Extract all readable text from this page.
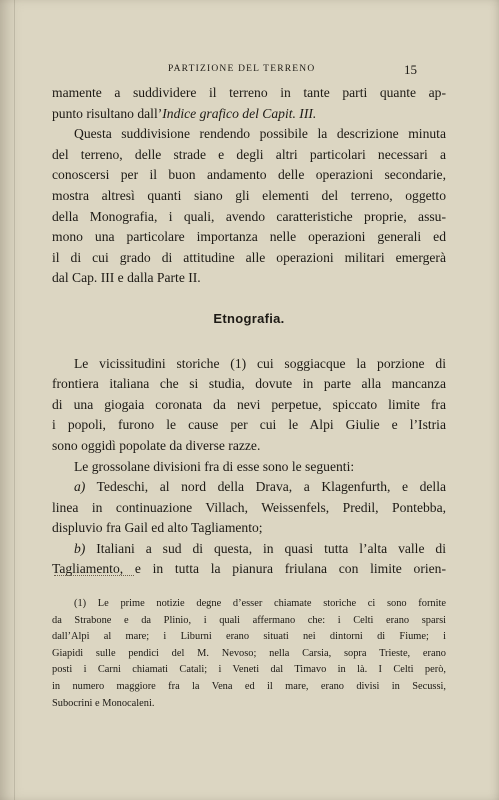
PARTIZIONE DEL TERRENO	15
mamente a suddividere il terreno in tante parti quante ap-
punto risultano dall’Indice grafico del Capit. III.
Questa suddivisione rendendo possibile la descrizione minuta
del terreno, delle strade e degli altri particolari necessari a
conoscersi per il buon andamento delle operazioni secondarie,
mostra altresì quanti siano gli elementi del terreno, oggetto
della Monografia, i quali, avendo caratteristiche proprie, assu-
mono una particolare importanza nelle operazioni generali ed
il di cui grado di attitudine alle operazioni militari emergerà
dal Cap. III e dalla Parte II.
Etnografia.
Le vicissitudini storiche (1) cui soggiacque la porzione di
frontiera italiana che si studia, dovute in parte alla mancanza
di una giogaia coronata da nevi perpetue, spiccato limite fra
i popoli, furono le cause per cui le Alpi Giulie e l’Istria
sono oggidì popolate da diverse razze.
Le grossolane divisioni fra di esse sono le seguenti:
a) Tedeschi, al nord della Drava, a Klagenfurth, e della
linea in continuazione Villach, Weissenfels, Predil, Pontebba,
displuvio fra Gail ed alto Tagliamento;
b) Italiani a sud di questa, in quasi tutta l’alta valle di
Tagliamento, e in tutta la pianura friulana con limite orien-
(1) Le prime notizie degne d’esser chiamate storiche ci sono fornite
da Strabone e da Plinio, i quali affermano che: i Celti erano sparsi
dall’Alpi al mare; i Liburni erano situati nei dintorni di Fiume; i
Giapidi sulle pendici del M. Nevoso; nella Carsia, sopra Trieste, erano
posti i Carni chiamati Catali; i Veneti dal Timavo in là. I Celti però,
in numero maggiore fra la Vena ed il mare, erano divisi in Secussi,
Subocrini e Monocaleni.
